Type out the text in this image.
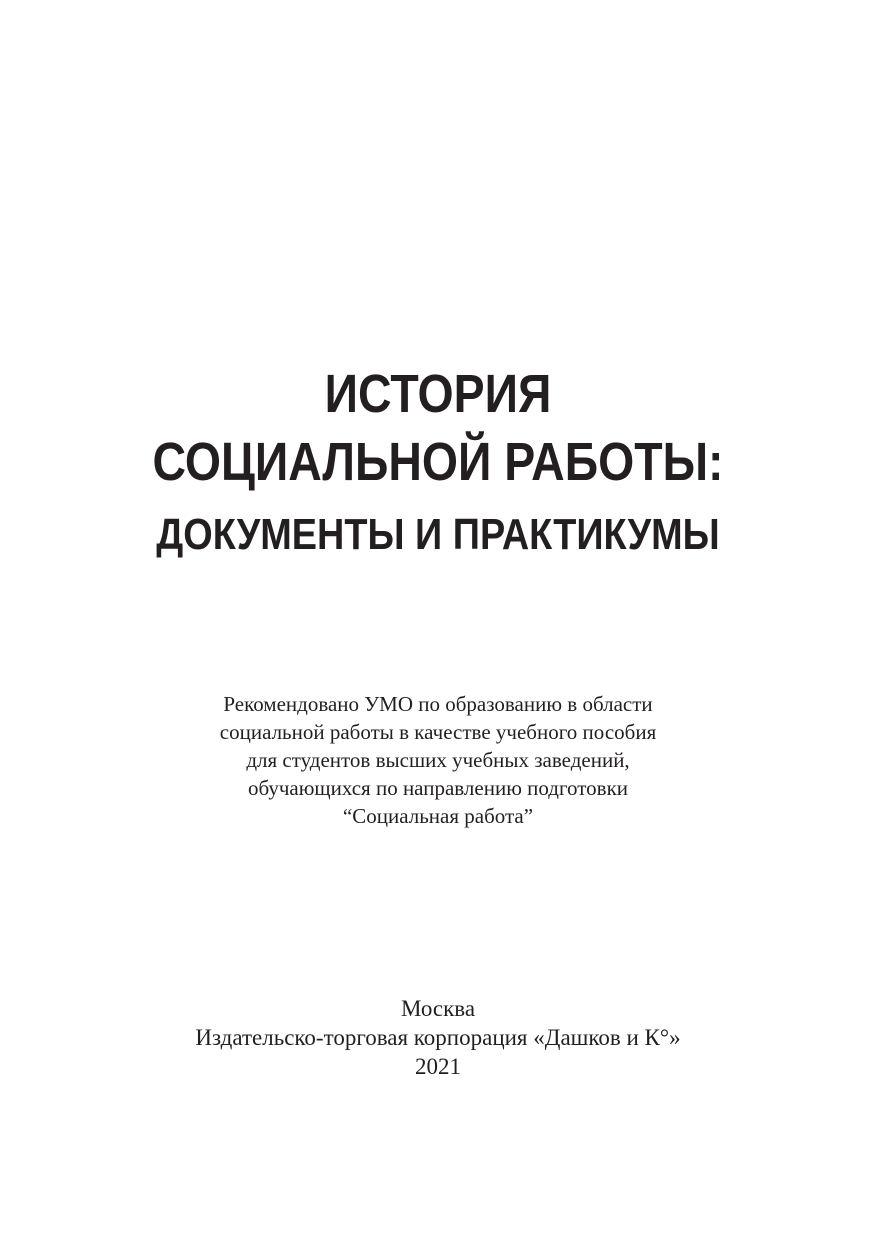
ИСТОРИЯ
СОЦИАЛЬНОЙ РАБОТЫ:
ДОКУМЕНТЫ И ПРАКТИКУМЫ
Рекомендовано УМО по образованию в области
социальной работы в качестве учебного пособия
для студентов высших учебных заведений,
обучающихся по направлению подготовки
“Социальная работа”
Москва
Издательско-торговая корпорация «Дашков и К°»
2021
